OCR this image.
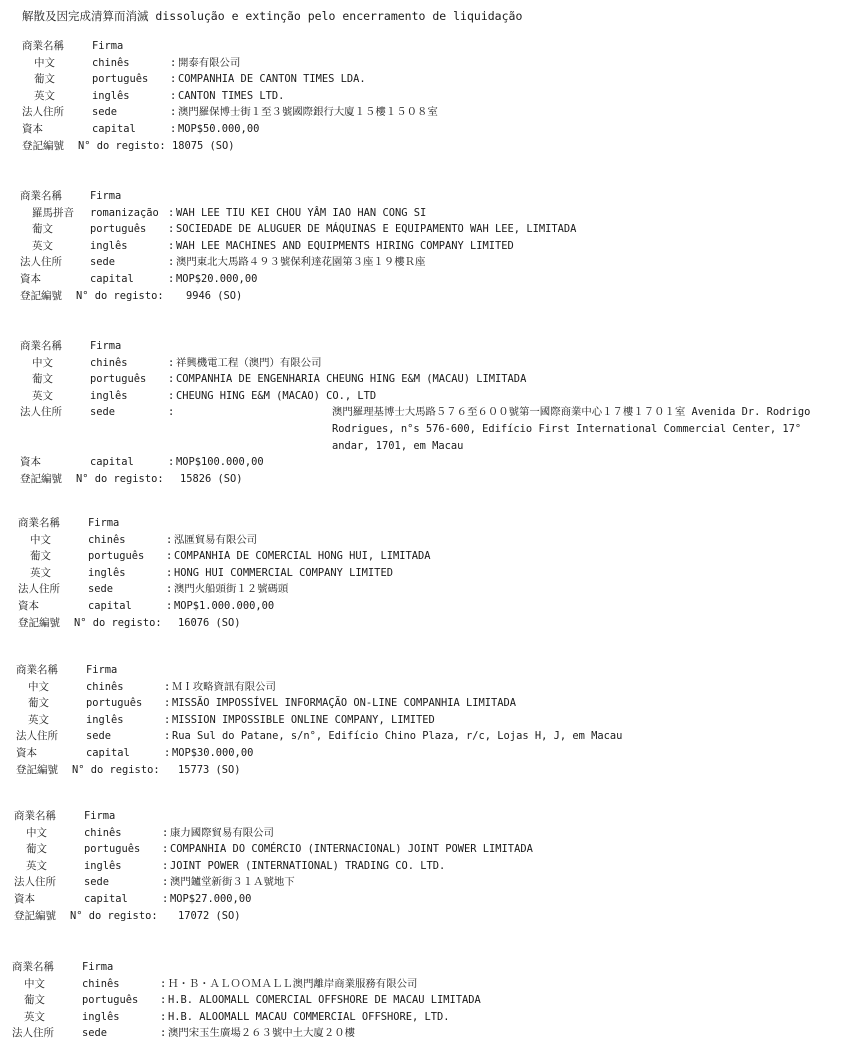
解散及因完成清算而消滅 dissolução e extinção pelo encerramento de liquidação
商業名稱	Firma
中文	chinês	: 開泰有限公司
葡文	português : COMPANHIA DE CANTON TIMES LDA.
英文	inglês	: CANTON TIMES LTD.
法人住所	sede	: 澳門羅保博士街１至３號國際銀行大廈１５樓１５０８室
資本	capital	: MOP$50.000,00
登記編號	N° do registo: 18075 (SO)
商業名稱	Firma
羅馬拼音	romanização : WAH LEE TIU KEI CHOU YÂM IAO HAN CONG SI
葡文	português : SOCIEDADE DE ALUGUER DE MÁQUINAS E EQUIPAMENTO WAH LEE, LIMITADA
英文	inglês	: WAH LEE MACHINES AND EQUIPMENTS HIRING COMPANY LIMITED
法人住所	sede	: 澳門東北大馬路４９３號保利達花園第３座１９樓Ｒ座
資本	capital	: MOP$20.000,00
登記編號	N° do registo: 9946 (SO)
商業名稱	Firma
中文	chinês	: 祥興機電工程（澳門）有限公司
葡文	português : COMPANHIA DE ENGENHARIA CHEUNG HING E&M (MACAU) LIMITADA
英文	inglês	: CHEUNG HING E&M (MACAO) CO., LTD
法人住所	sede	:	澳門羅理基博士大馬路５７６至６００號第一國際商業中心１７樓１７０１室 Avenida Dr. Rodrigo Rodrigues, n°s 576-600, Edifício First International Commercial Center, 17° andar, 1701, em Macau
資本	capital	: MOP$100.000,00
登記編號	N° do registo: 15826 (SO)
商業名稱	Firma
中文	chinês	: 泓匯貿易有限公司
葡文	português : COMPANHIA DE COMERCIAL HONG HUI, LIMITADA
英文	inglês	: HONG HUI COMMERCIAL COMPANY LIMITED
法人住所	sede	: 澳門火船頭街１２號碼頭
資本	capital	: MOP$1.000.000,00
登記編號	N° do registo: 16076 (SO)
商業名稱	Firma
中文	chinês	: ＭＩ攻略資訊有限公司
葡文	português : MISSÃO IMPOSSÍVEL INFORMAÇÃO ON-LINE COMPANHIA LIMITADA
英文	inglês	: MISSION IMPOSSIBLE ONLINE COMPANY, LIMITED
法人住所	sede	: Rua Sul do Patane, s/n°, Edifício Chino Plaza, r/c, Lojas H, J, em Macau
資本	capital	: MOP$30.000,00
登記編號	N° do registo: 15773 (SO)
商業名稱	Firma
中文	chinês	: 康力國際貿易有限公司
葡文	português : COMPANHIA DO COMÉRCIO (INTERNACIONAL) JOINT POWER LIMITADA
英文	inglês	: JOINT POWER (INTERNATIONAL) TRADING CO. LTD.
法人住所	sede	: 澳門鑪堂新街３１Ａ號地下
資本	capital	: MOP$27.000,00
登記編號	N° do registo: 17072 (SO)
商業名稱	Firma
中文	chinês	: Ｈ・Ｂ・ＡＬＯＯＭＡＬＬ澳門離岸商業服務有限公司
葡文	português : H.B. ALOOMALL COMERCIAL OFFSHORE DE MACAU LIMITADA
英文	inglês	: H.B. ALOOMALL MACAU COMMERCIAL OFFSHORE, LTD.
法人住所	sede	: 澳門宋玉生廣場２６３號中土大廈２０樓
